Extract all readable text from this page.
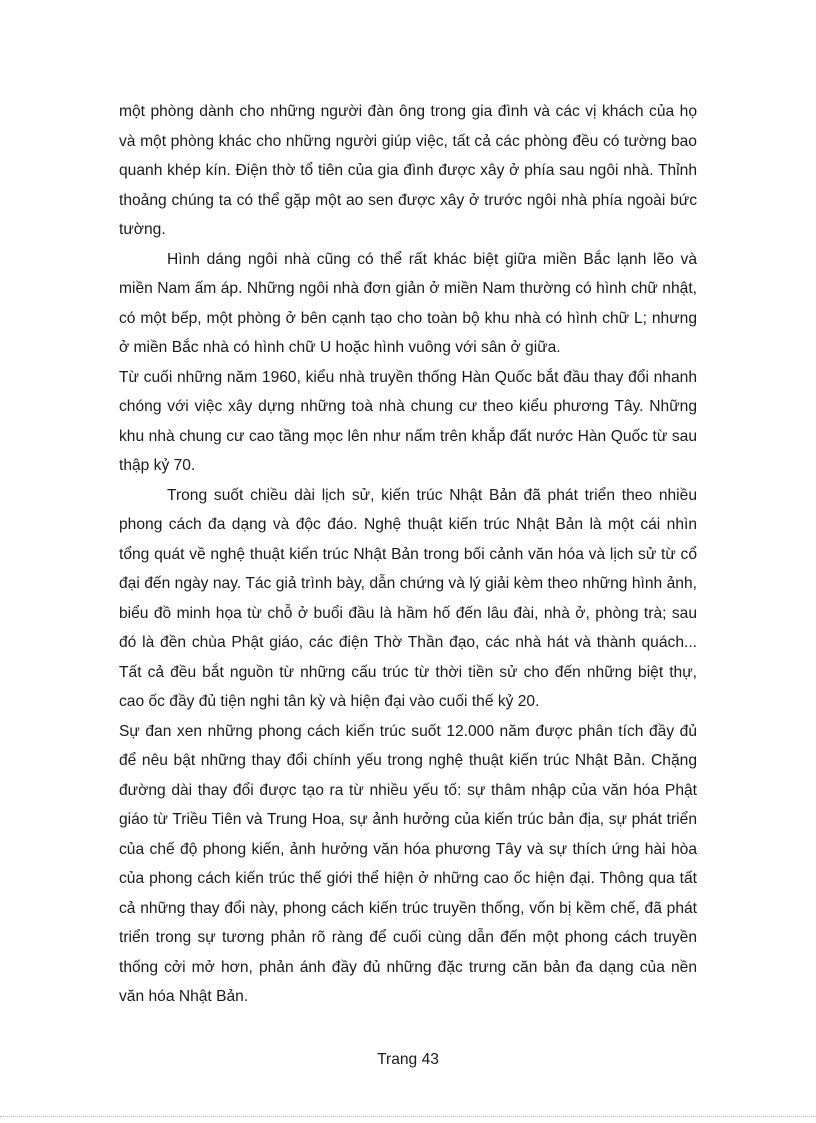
một phòng dành cho những người đàn ông trong gia đình và các vị khách của họ và một phòng khác cho những người giúp việc, tất cả các phòng đều có tường bao quanh khép kín. Điện thờ tổ tiên của gia đình được xây ở phía sau ngôi nhà. Thỉnh thoảng chúng ta có thể gặp một ao sen được xây ở trước ngôi nhà phía ngoài bức tường.

Hình dáng ngôi nhà cũng có thể rất khác biệt giữa miền Bắc lạnh lẽo và miền Nam ấm áp. Những ngôi nhà đơn giản ở miền Nam thường có hình chữ nhật, có một bếp, một phòng ở bên cạnh tạo cho toàn bộ khu nhà có hình chữ L; nhưng ở miền Bắc nhà có hình chữ U hoặc hình vuông với sân ở giữa.

Từ cuối những năm 1960, kiểu nhà truyền thống Hàn Quốc bắt đầu thay đổi nhanh chóng với việc xây dựng những toà nhà chung cư theo kiểu phương Tây. Những khu nhà chung cư cao tầng mọc lên như nấm trên khắp đất nước Hàn Quốc từ sau thập kỷ 70.

Trong suốt chiều dài lịch sử, kiến trúc Nhật Bản đã phát triển theo nhiều phong cách đa dạng và độc đáo. Nghệ thuật kiến trúc Nhật Bản là một cái nhìn tổng quát về nghệ thuật kiến trúc Nhật Bản trong bối cảnh văn hóa và lịch sử từ cổ đại đến ngày nay. Tác giả trình bày, dẫn chứng và lý giải kèm theo những hình ảnh, biểu đồ minh họa từ chỗ ở buổi đầu là hầm hố đến lâu đài, nhà ở, phòng trà; sau đó là đền chùa Phật giáo, các điện Thờ Thần đạo, các nhà hát và thành quách... Tất cả đều bắt nguồn từ những cấu trúc từ thời tiền sử cho đến những biệt thự, cao ốc đầy đủ tiện nghi tân kỳ và hiện đại vào cuối thế kỷ 20.

Sự đan xen những phong cách kiến trúc suốt 12.000 năm được phân tích đầy đủ để nêu bật những thay đổi chính yếu trong nghệ thuật kiến trúc Nhật Bản. Chặng đường dài thay đổi được tạo ra từ nhiều yếu tố: sự thâm nhập của văn hóa Phật giáo từ Triều Tiên và Trung Hoa, sự ảnh hưởng của kiến trúc bản địa, sự phát triển của chế độ phong kiến, ảnh hưởng văn hóa phương Tây và sự thích ứng hài hòa của phong cách kiến trúc thế giới thể hiện ở những cao ốc hiện đại. Thông qua tất cả những thay đổi này, phong cách kiến trúc truyền thống, vốn bị kềm chế, đã phát triển trong sự tương phản rõ ràng để cuối cùng dẫn đến một phong cách truyền thống cởi mở hơn, phản ánh đầy đủ những đặc trưng căn bản đa dạng của nền văn hóa Nhật Bản.

Trang 43
